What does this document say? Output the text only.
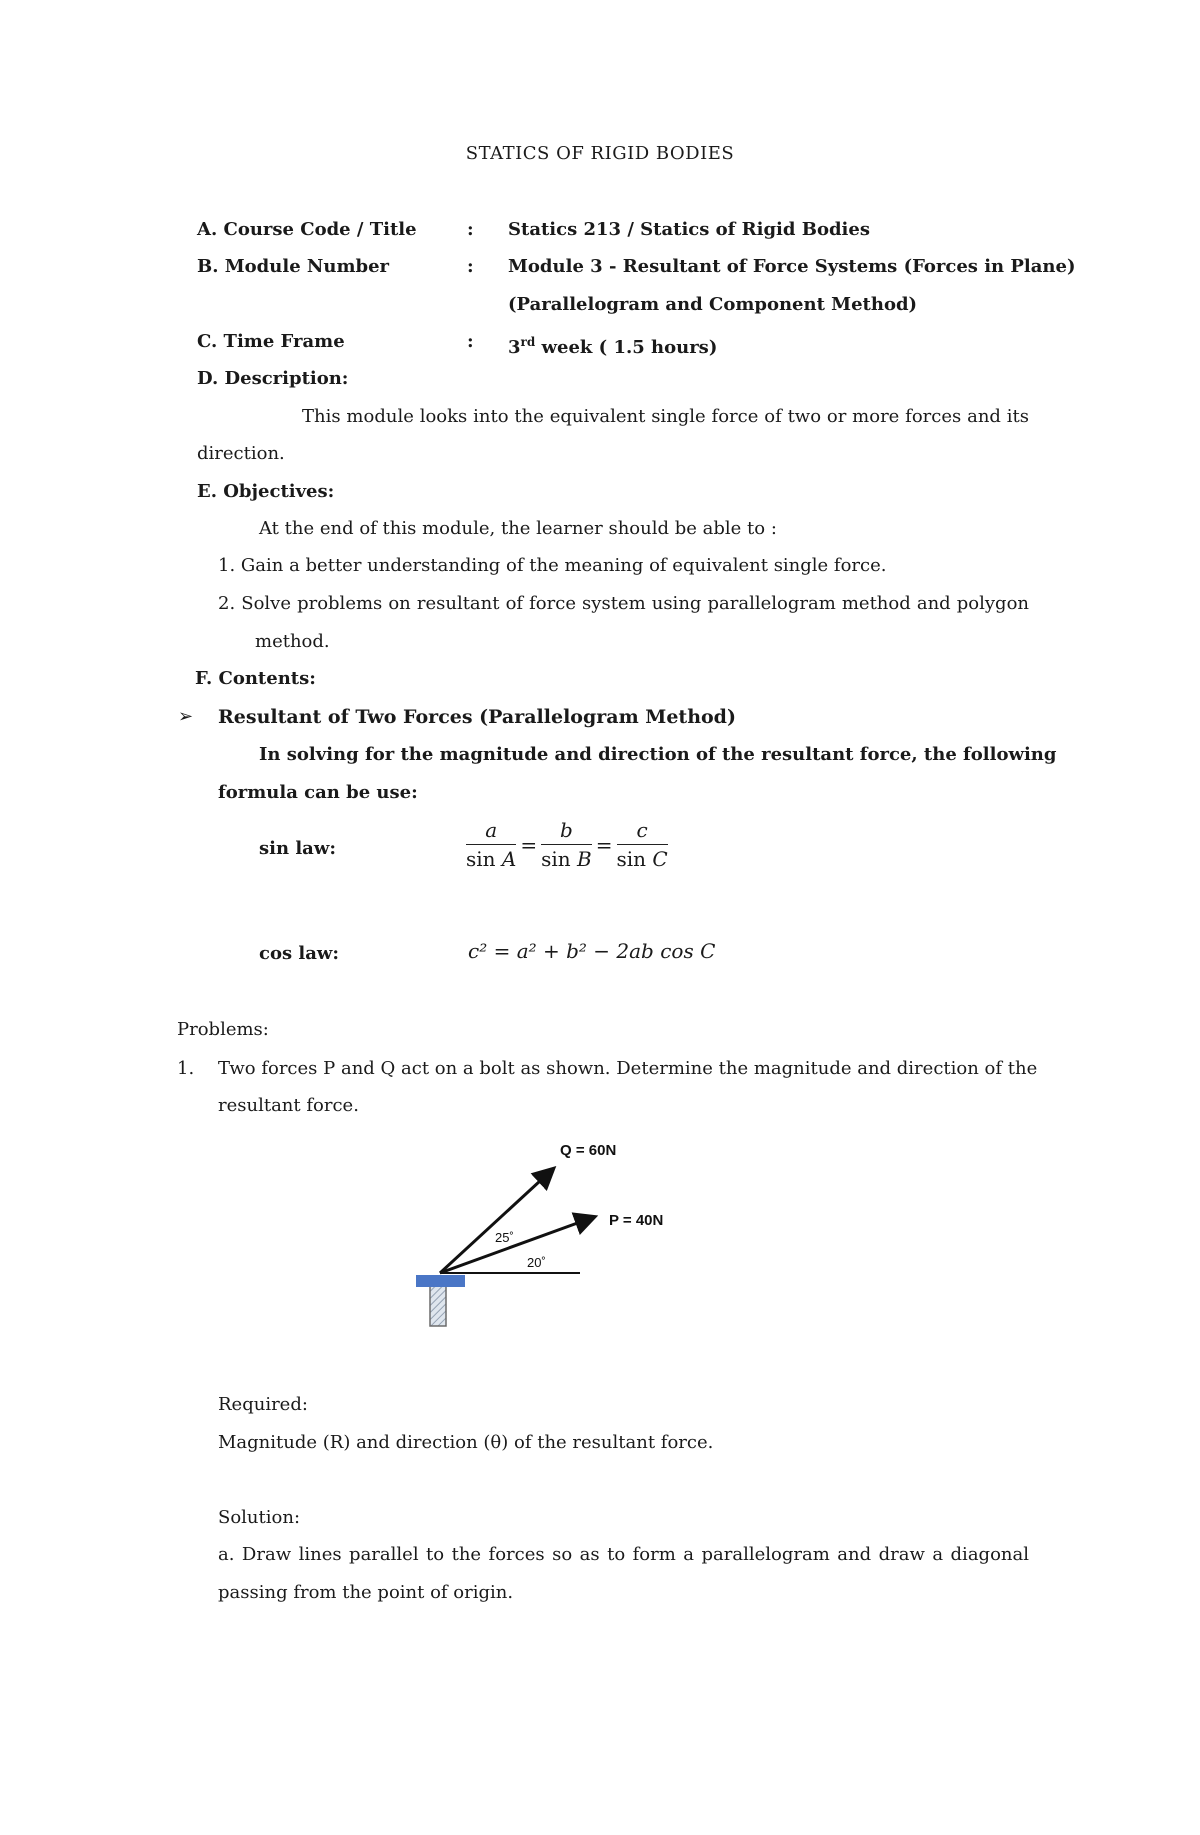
STATICS OF RIGID BODIES
A. Course Code / Title	: Statics 213 / Statics of Rigid Bodies
B. Module Number	: Module 3 - Resultant of Force Systems (Forces in Plane)
(Parallelogram and Component Method)
C. Time Frame	: 3rd week ( 1.5 hours)
D. Description:
This module looks into the equivalent single force of two or more forces and its
direction.
E. Objectives:
At the end of this module, the learner should be able to :
1. Gain a better understanding of the meaning of equivalent single force.
2. Solve problems on resultant of force system using parallelogram method and polygon
method.
F. Contents:
➢ Resultant of Two Forces (Parallelogram Method)
In solving for the magnitude and direction of the resultant force, the following
formula can be use:
sin law:	$\frac{a}{\text{sin A}} = \frac{b}{\text{sin B}} = \frac{c}{\text{sin C}}$
cos law:	c² = a² + b² − 2ab cos C
Problems:
1. Two forces P and Q act on a bolt as shown. Determine the magnitude and direction of the
resultant force.
Q = 60N
P = 40N
25˚
20˚
Required:
Magnitude (R) and direction (θ) of the resultant force.
Solution:
a. Draw lines parallel to the forces so as to form a parallelogram and draw a diagonal
passing from the point of origin.
